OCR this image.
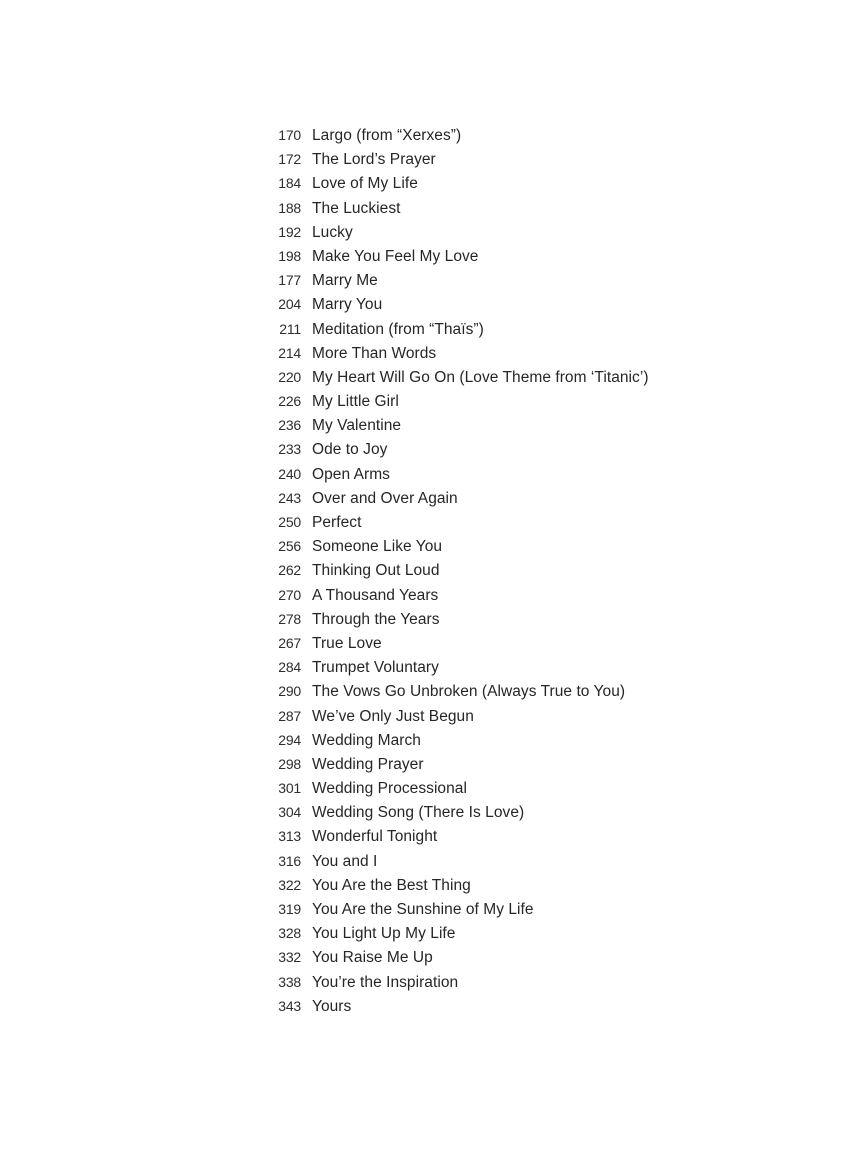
170 Largo (from “Xerxes”)
172 The Lord’s Prayer
184 Love of My Life
188 The Luckiest
192 Lucky
198 Make You Feel My Love
177 Marry Me
204 Marry You
211 Meditation (from “Thaïs”)
214 More Than Words
220 My Heart Will Go On (Love Theme from ‘Titanic’)
226 My Little Girl
236 My Valentine
233 Ode to Joy
240 Open Arms
243 Over and Over Again
250 Perfect
256 Someone Like You
262 Thinking Out Loud
270 A Thousand Years
278 Through the Years
267 True Love
284 Trumpet Voluntary
290 The Vows Go Unbroken (Always True to You)
287 We’ve Only Just Begun
294 Wedding March
298 Wedding Prayer
301 Wedding Processional
304 Wedding Song (There Is Love)
313 Wonderful Tonight
316 You and I
322 You Are the Best Thing
319 You Are the Sunshine of My Life
328 You Light Up My Life
332 You Raise Me Up
338 You’re the Inspiration
343 Yours
